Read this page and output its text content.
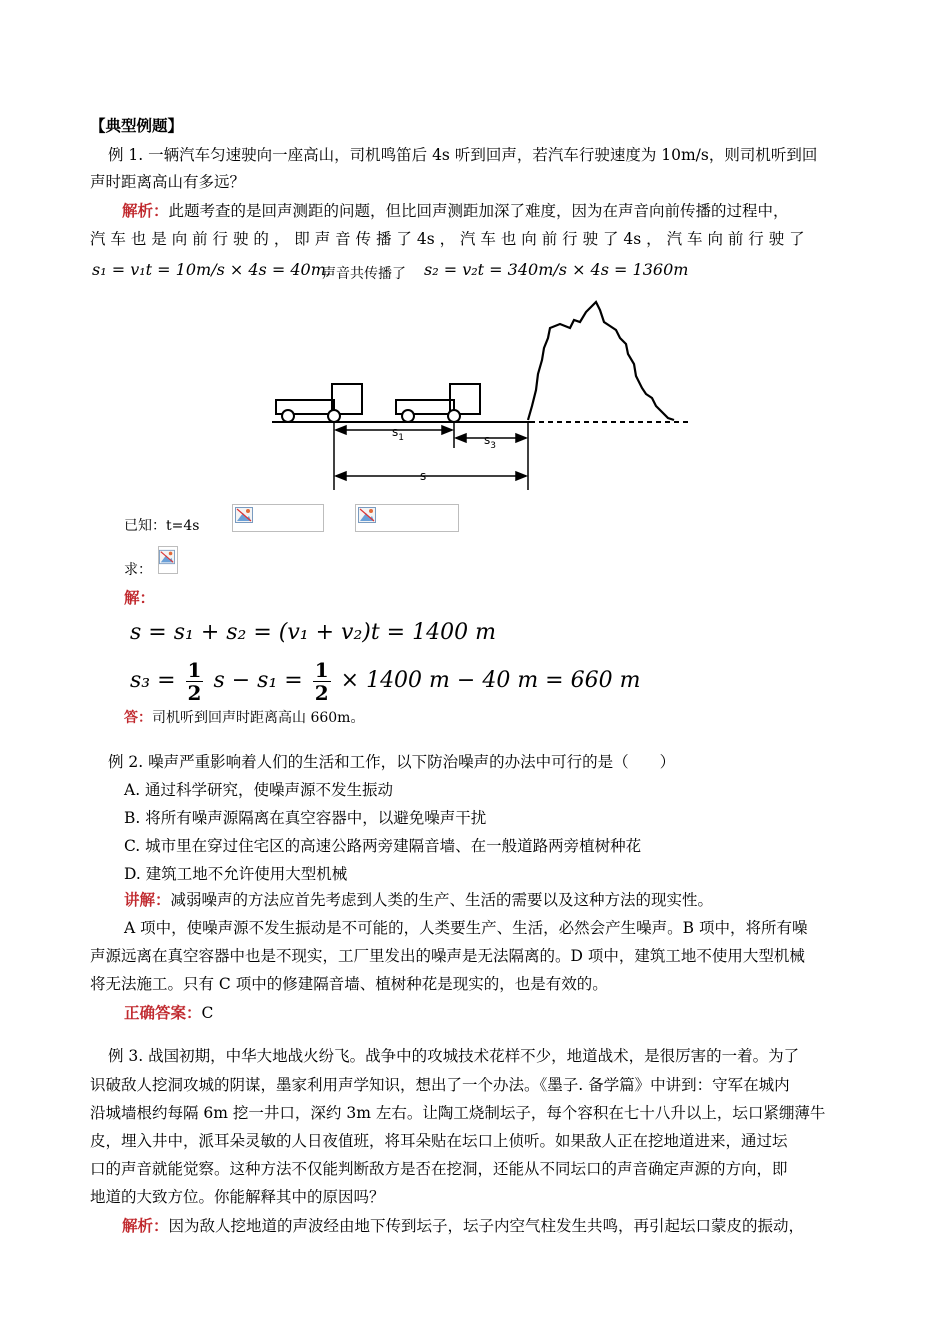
【典型例题】
例 1. 一辆汽车匀速驶向一座高山，司机鸣笛后 4s 听到回声，若汽车行驶速度为 10m/s，则司机听到回
声时距离高山有多远？
解析：此题考查的是回声测距的问题，但比回声测距加深了难度，因为在声音向前传播的过程中，
汽 车 也 是 向 前 行 驶 的 ， 即 声 音 传 播 了 4s ， 汽 车 也 向 前 行 驶 了 4s ， 汽 车 向 前 行 驶 了
s₁ = v₁t = 10m/s × 4s = 40m,
声音共传播了 s₂ = v₂t = 340m/s × 4s = 1360m
$s_1$	$s_3$
s
已知：t=4s
求：
解：
s = s₁ + s₂ = (v₁ + v₂)t = 1400 m
$s_3 = \frac{1}{2}$ $s - s_1 = \frac{1}{2} \times 1400$ m − 40 m = 660 m
答：司机听到回声时距离高山 660m。
例 2. 噪声严重影响着人们的生活和工作，以下防治噪声的办法中可行的是（　　）
A. 通过科学研究，使噪声源不发生振动
B. 将所有噪声源隔离在真空容器中，以避免噪声干扰
C. 城市里在穿过住宅区的高速公路两旁建隔音墙、在一般道路两旁植树种花
D. 建筑工地不允许使用大型机械
讲解：减弱噪声的方法应首先考虑到人类的生产、生活的需要以及这种方法的现实性。
A 项中，使噪声源不发生振动是不可能的，人类要生产、生活，必然会产生噪声。B 项中，将所有噪
声源远离在真空容器中也是不现实，工厂里发出的噪声是无法隔离的。D 项中，建筑工地不使用大型机械
将无法施工。只有 C 项中的修建隔音墙、植树种花是现实的，也是有效的。
正确答案：C
例 3. 战国初期，中华大地战火纷飞。战争中的攻城技术花样不少，地道战术，是很厉害的一着。为了
识破敌人挖洞攻城的阴谋，墨家利用声学知识，想出了一个办法。《墨子. 备学篇》中讲到：守军在城内
沿城墙根约每隔 6m 挖一井口，深约 3m 左右。让陶工烧制坛子，每个容积在七十八升以上，坛口紧绷薄牛
皮，埋入井中，派耳朵灵敏的人日夜值班，将耳朵贴在坛口上侦听。如果敌人正在挖地道进来，通过坛
口的声音就能觉察。这种方法不仅能判断敌方是否在挖洞，还能从不同坛口的声音确定声源的方向，即
地道的大致方位。你能解释其中的原因吗？
解析：因为敌人挖地道的声波经由地下传到坛子，坛子内空气柱发生共鸣，再引起坛口蒙皮的振动，
